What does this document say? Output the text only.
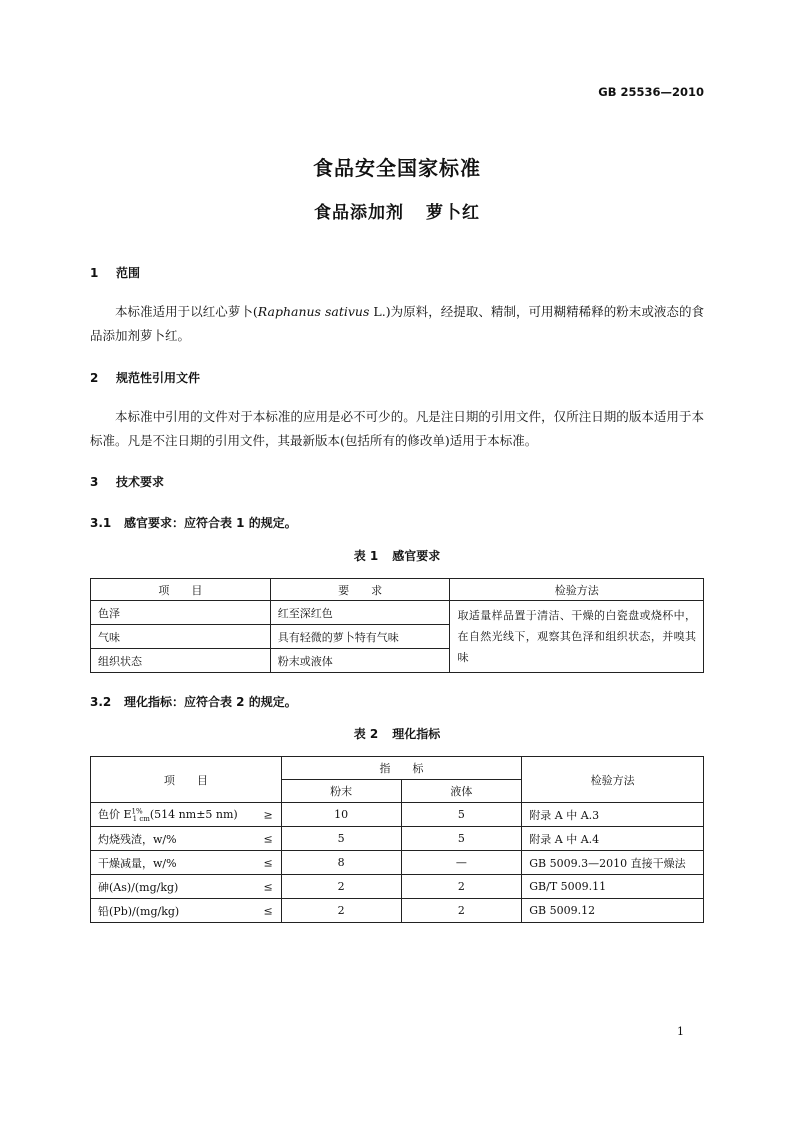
GB 25536—2010
食品安全国家标准
食品添加剂 萝卜红
1 范围
本标准适用于以红心萝卜(Raphanus sativus L.)为原料，经提取、精制，可用糊精稀释的粉末或液态的食品添加剂萝卜红。
2 规范性引用文件
本标准中引用的文件对于本标准的应用是必不可少的。凡是注日期的引用文件，仅所注日期的版本适用于本标准。凡是不注日期的引用文件，其最新版本(包括所有的修改单)适用于本标准。
3 技术要求
3.1 感官要求：应符合表 1 的规定。
表 1 感官要求
项　　目	要　　求	检验方法
色泽	红至深红色	取适量样品置于清洁、干燥的白瓷盘或烧杯中，在自然光线下，观察其色泽和组织状态，并嗅其味
气味	具有轻微的萝卜特有气味	
组织状态	粉末或液体	
3.2 理化指标：应符合表 2 的规定。
表 2 理化指标
项　　目	指　　标		检验方法
	粉末	液体	
色价 $E^{1\%}_{1 cm}(514$ nm±5 nm) ≥	10	5	附录 A 中 A.3
灼烧残渣，w/% ≤	5	5	附录 A 中 A.4
干燥减量，w/% ≤	8	—	GB 5009.3—2010 直接干燥法
砷(As)/(mg/kg) ≤	2	2	GB/T 5009.11
铅(Pb)/(mg/kg) ≤	2	2	GB 5009.12
1
